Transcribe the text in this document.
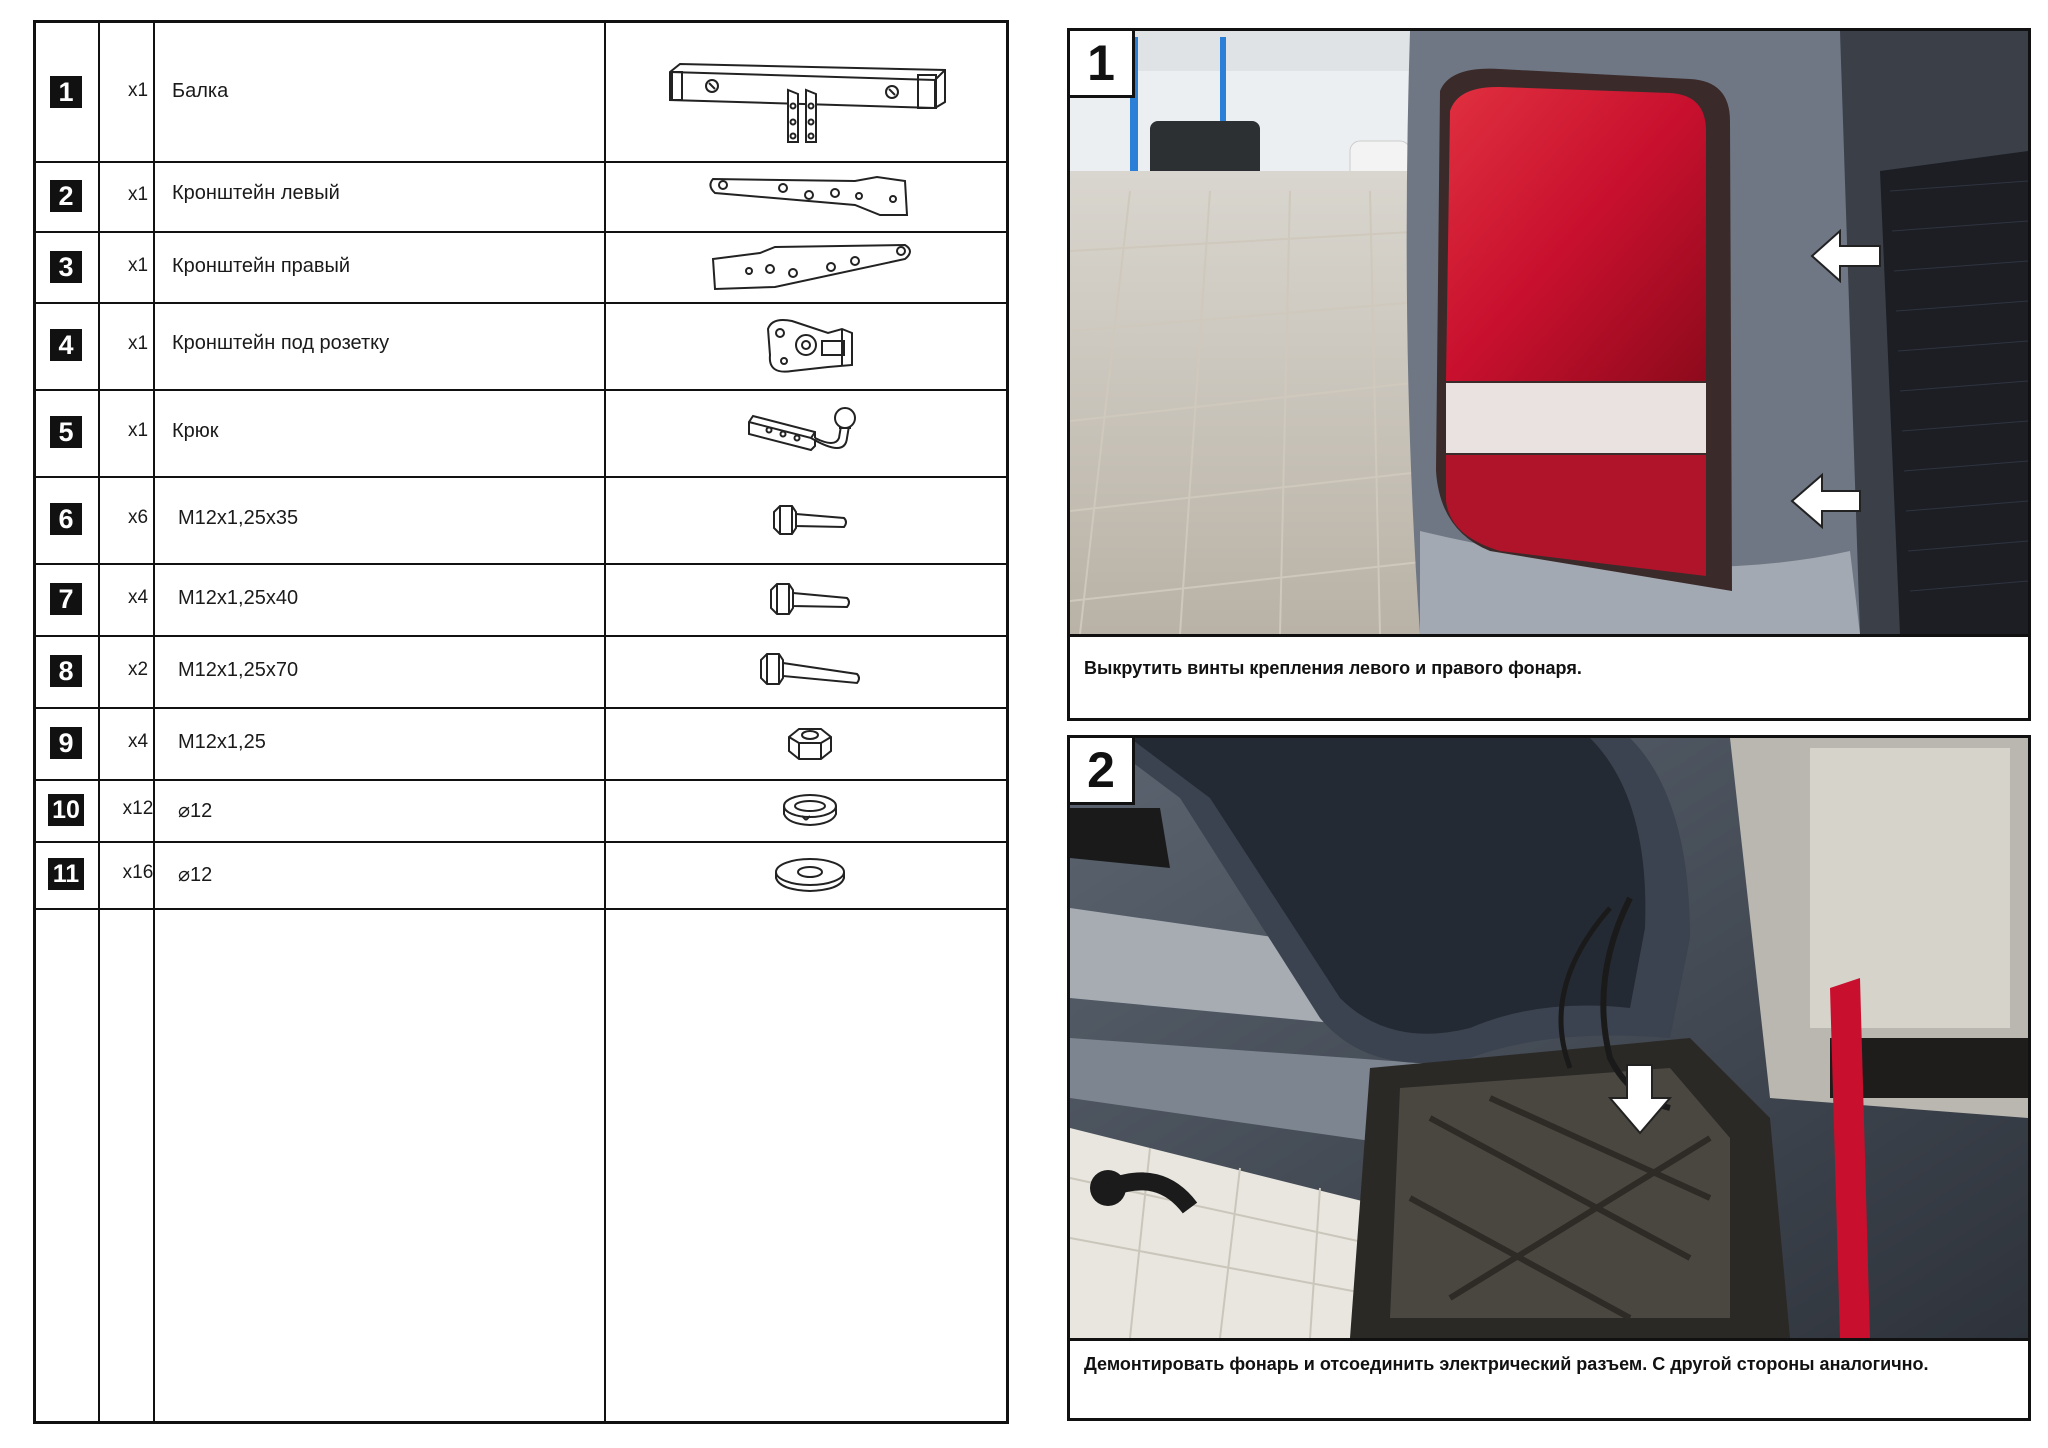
1	x1	Балка
2	x1	Кронштейн левый
3	x1	Кронштейн правый
4	x1	Кронштейн под розетку
5	x1	Крюк
6	x6	M12x1,25x35
7	x4	M12x1,25x40
8	x2	M12x1,25x70
9	x4	M12x1,25
10	x12	⌀12
11	x16	⌀12
1
Выкрутить винты крепления левого и правого фонаря.
2
Демонтировать фонарь и отсоединить электрический разъем. С другой стороны аналогично.
